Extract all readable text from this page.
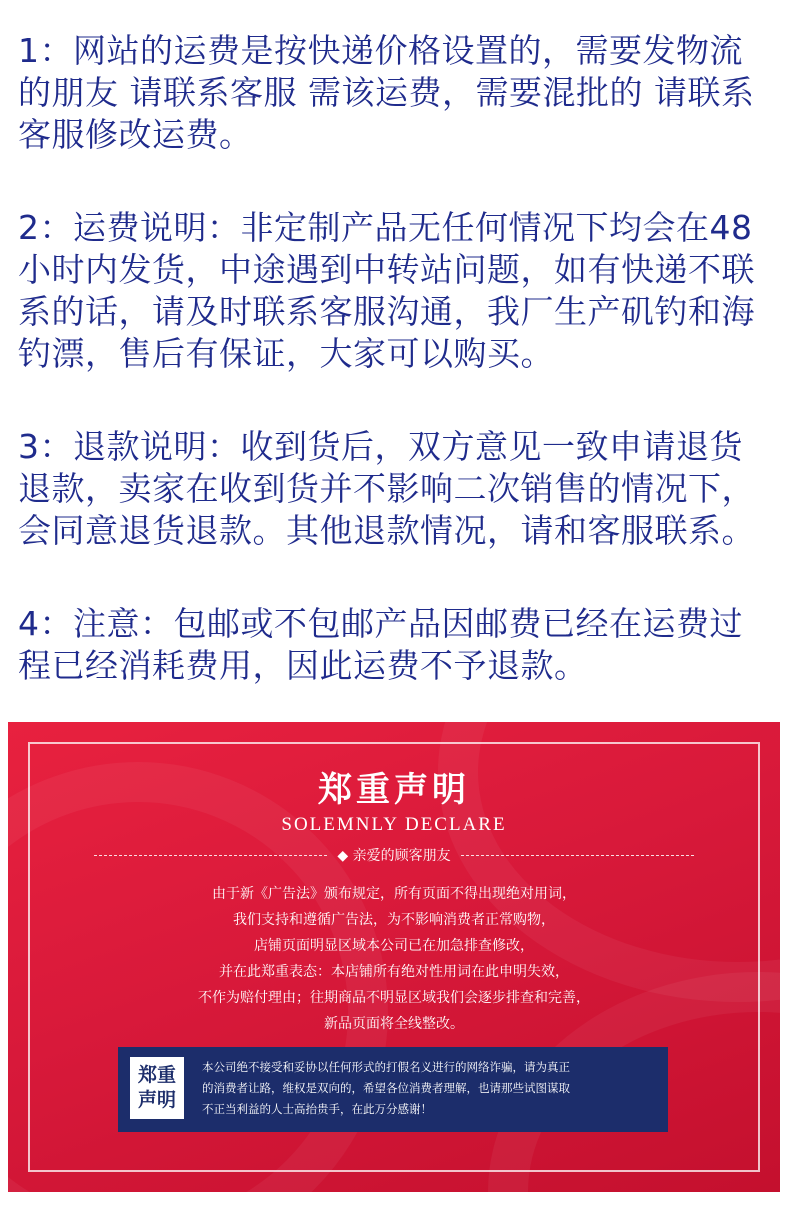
1：网站的运费是按快递价格设置的，需要发物流的朋友 请联系客服 需该运费，需要混批的 请联系客服修改运费。

2：运费说明：非定制产品无任何情况下均会在48小时内发货，中途遇到中转站问题，如有快递不联系的话，请及时联系客服沟通，我厂生产矶钓和海钓漂，售后有保证，大家可以购买。

3：退款说明：收到货后，双方意见一致申请退货退款，卖家在收到货并不影响二次销售的情况下，会同意退货退款。其他退款情况，请和客服联系。

4：注意：包邮或不包邮产品因邮费已经在运费过程已经消耗费用，因此运费不予退款。

郑重声明
SOLEMNLY DECLARE
◆ 亲爱的顾客朋友
由于新《广告法》颁布规定，所有页面不得出现绝对用词，
我们支持和遵循广告法，为不影响消费者正常购物，
店铺页面明显区域本公司已在加急排查修改，
并在此郑重表态：本店铺所有绝对性用词在此申明失效，
不作为赔付理由；往期商品不明显区域我们会逐步排查和完善，
新品页面将全线整改。
郑重
声明
本公司绝不接受和妥协以任何形式的打假名义进行的网络诈骗，请为真正
的消费者让路，维权是双向的，希望各位消费者理解，也请那些试图谋取
不正当利益的人士高抬贵手，在此万分感谢！
